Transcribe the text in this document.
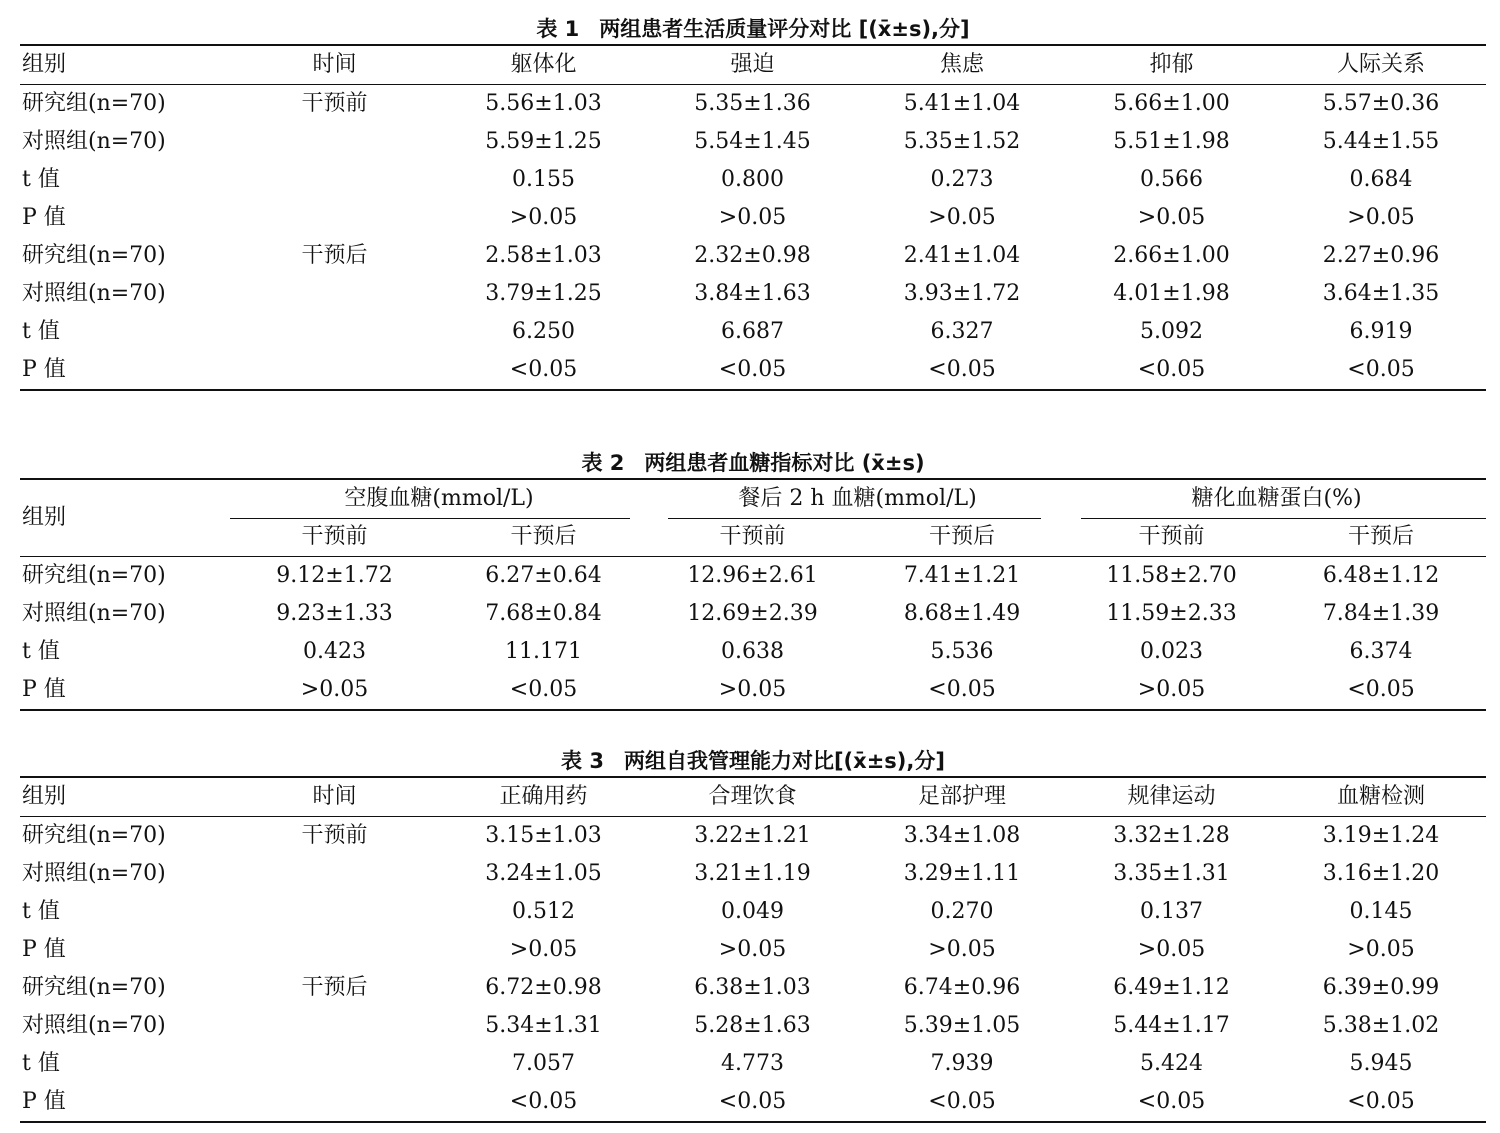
表 1 两组患者生活质量评分对比 [(x̄±s),分]
组别	时间	躯体化	强迫	焦虑	抑郁	人际关系
研究组(n=70)	干预前	5.56±1.03	5.35±1.36	5.41±1.04	5.66±1.00	5.57±0.36
对照组(n=70)		5.59±1.25	5.54±1.45	5.35±1.52	5.51±1.98	5.44±1.55
t 值		0.155	0.800	0.273	0.566	0.684
P 值		>0.05	>0.05	>0.05	>0.05	>0.05
研究组(n=70)	干预后	2.58±1.03	2.32±0.98	2.41±1.04	2.66±1.00	2.27±0.96
对照组(n=70)		3.79±1.25	3.84±1.63	3.93±1.72	4.01±1.98	3.64±1.35
t 值		6.250	6.687	6.327	5.092	6.919
P 值		<0.05	<0.05	<0.05	<0.05	<0.05
表 2 两组患者血糖指标对比 (x̄±s)
组别	空腹血糖(mmol/L)		餐后 2 h 血糖(mmol/L)		糖化血糖蛋白(%)	

	干预前	干预后	干预前	干预后	干预前	干预后
研究组(n=70)	9.12±1.72	6.27±0.64	12.96±2.61	7.41±1.21	11.58±2.70	6.48±1.12
对照组(n=70)	9.23±1.33	7.68±0.84	12.69±2.39	8.68±1.49	11.59±2.33	7.84±1.39
t 值	0.423	11.171	0.638	5.536	0.023	6.374
P 值	>0.05	<0.05	>0.05	<0.05	>0.05	<0.05
表 3 两组自我管理能力对比[(x̄±s),分]
组别	时间	正确用药	合理饮食	足部护理	规律运动	血糖检测
研究组(n=70)	干预前	3.15±1.03	3.22±1.21	3.34±1.08	3.32±1.28	3.19±1.24
对照组(n=70)		3.24±1.05	3.21±1.19	3.29±1.11	3.35±1.31	3.16±1.20
t 值		0.512	0.049	0.270	0.137	0.145
P 值		>0.05	>0.05	>0.05	>0.05	>0.05
研究组(n=70)	干预后	6.72±0.98	6.38±1.03	6.74±0.96	6.49±1.12	6.39±0.99
对照组(n=70)		5.34±1.31	5.28±1.63	5.39±1.05	5.44±1.17	5.38±1.02
t 值		7.057	4.773	7.939	5.424	5.945
P 值		<0.05	<0.05	<0.05	<0.05	<0.05
